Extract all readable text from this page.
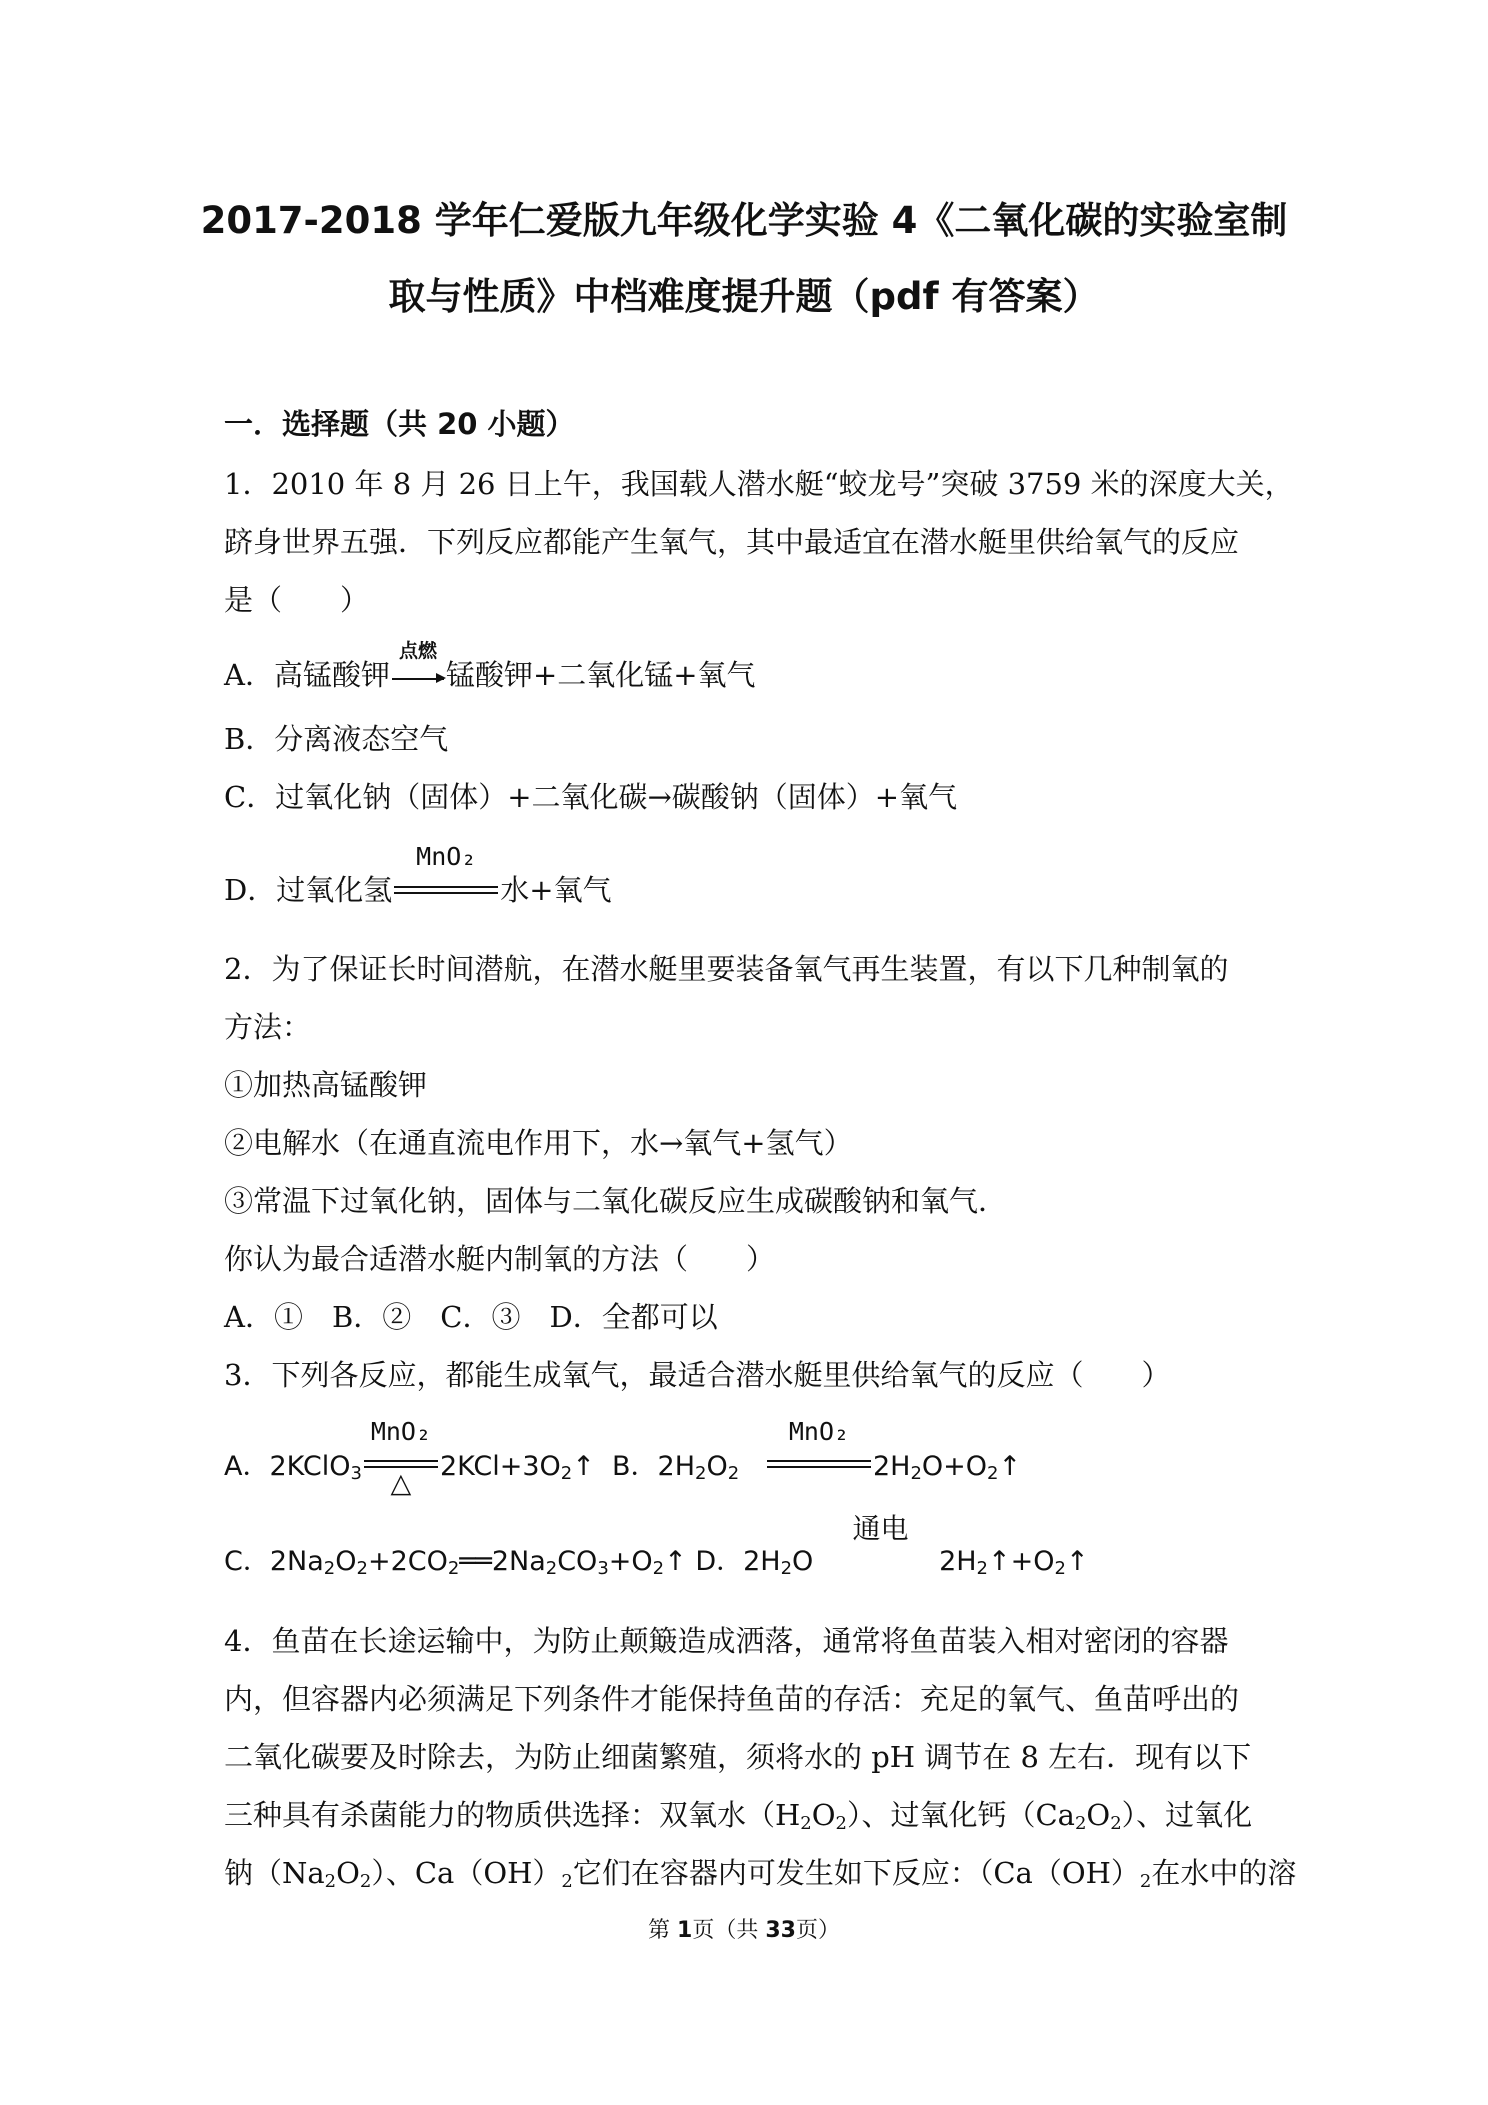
2017-2018 学年仁爱版九年级化学实验 4《二氧化碳的实验室制
取与性质》中档难度提升题（pdf 有答案）
一．选择题（共 20 小题）
1．2010 年 8 月 26 日上午，我国载人潜水艇“蛟龙号”突破 3759 米的深度大关，
跻身世界五强．下列反应都能产生氧气，其中最适宜在潜水艇里供给氧气的反应
是（　　）
A．高锰酸钾
点燃
锰酸钾+二氧化锰+氧气
B．分离液态空气
C．过氧化钠（固体）+二氧化碳→碳酸钠（固体）+氧气
D．过氧化氢
MnO₂
水+氧气
2．为了保证长时间潜航，在潜水艇里要装备氧气再生装置，有以下几种制氧的
方法：
①加热高锰酸钾
②电解水（在通直流电作用下，水→氧气+氢气）
③常温下过氧化钠，固体与二氧化碳反应生成碳酸钠和氧气．
你认为最合适潜水艇内制氧的方法（　　）
A．①　B．②　C．③　D．全都可以
3．下列各反应，都能生成氧气，最适合潜水艇里供给氧气的反应（　　）
A．2KClO$_3$
MnO₂
△
$2KCl+3O_2↑$  B．$2H_2O_2$
MnO₂
$2H_2O+O_2↑$
C．$2Na_2O_2+2CO_2══2Na_2CO_3+O_2↑$ D．$2H_2O$
通电
$2H_2↑+O_2↑$
4．鱼苗在长途运输中，为防止颠簸造成洒落，通常将鱼苗装入相对密闭的容器
内，但容器内必须满足下列条件才能保持鱼苗的存活：充足的氧气、鱼苗呼出的
二氧化碳要及时除去，为防止细菌繁殖，须将水的 pH 调节在 8 左右．现有以下
三种具有杀菌能力的物质供选择：双氧水$(H_2O_2)$、过氧化钙$(Ca_2O_2)$、过氧化
钠$(Na_2O_2)$、$Ca(OH)_2$它们在容器内可发生如下反应：（$Ca(OH)_2$在水中的溶
第 1页（共 33页）
